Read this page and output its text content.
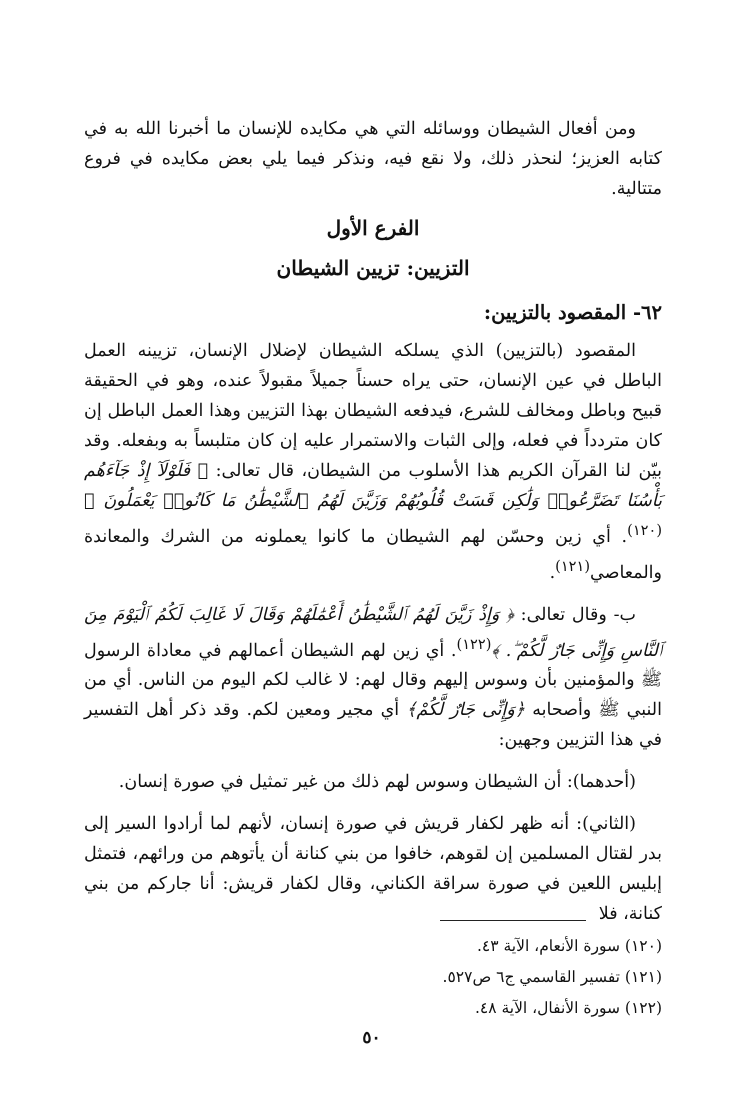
ومن أفعال الشيطان ووسائله التي هي مكايده للإنسان ما أخبرنا الله به في كتابه العزيز؛ لنحذر ذلك، ولا نقع فيه، ونذكر فيما يلي بعض مكايده في فروع متتالية.

الفرع الأول
التزيين: تزيين الشيطان
٦٢- المقصود بالتزيين:

المقصود (بالتزيين) الذي يسلكه الشيطان لإضلال الإنسان، تزيينه العمل الباطل في عين الإنسان، حتى يراه حسناً جميلاً مقبولاً عنده، وهو في الحقيقة قبيح وباطل ومخالف للشرع، فيدفعه الشيطان بهذا التزيين وهذا العمل الباطل إن كان متردداً في فعله، وإلى الثبات والاستمرار عليه إن كان متلبساً به وبفعله. وقد بيّن لنا القرآن الكريم هذا الأسلوب من الشيطان، قال تعالى: ﴿ فَلَوْلَآ إِذْ جَآءَهُم بَأْسُنَا تَضَرَّعُوا۟ وَلَٰكِن قَسَتْ قُلُوبُهُمْ وَزَيَّنَ لَهُمُ ٱلشَّيْطَٰنُ مَا كَانُوا۟ يَعْمَلُونَ ﴾$^{(١٢٠)}$. أي زين وحسّن لهم الشيطان ما كانوا يعملونه من الشرك والمعاندة والمعاصي$^{(١٢١)}$.

ب- وقال تعالى: ﴿ وَإِذْ زَيَّنَ لَهُمُ ٱلشَّيْطَٰنُ أَعْمَٰلَهُمْ وَقَالَ لَا غَالِبَ لَكُمُ ٱلْيَوْمَ مِنَ ٱلنَّاسِ وَإِنِّى جَارٌ لَّكُمْ ۖ. ﴾$^{(١٢٢)}$. أي زين لهم الشيطان أعمالهم في معاداة الرسول ﷺ والمؤمنين بأن وسوس إليهم وقال لهم: لا غالب لكم اليوم من الناس. أي من النبي ﷺ وأصحابه ﴿وَإِنِّى جَارٌ لَّكُمْ﴾ أي مجير ومعين لكم. وقد ذكر أهل التفسير في هذا التزيين وجهين:

(أحدهما): أن الشيطان وسوس لهم ذلك من غير تمثيل في صورة إنسان.

(الثاني): أنه ظهر لكفار قريش في صورة إنسان، لأنهم لما أرادوا السير إلى بدر لقتال المسلمين إن لقوهم، خافوا من بني كنانة أن يأتوهم من ورائهم، فتمثل إبليس اللعين في صورة سراقة الكناني، وقال لكفار قريش: أنا جاركم من بني كنانة، فلا

(١٢٠) سورة الأنعام، الآية ٤٣.

(١٢١) تفسير القاسمي ج٦ ص٥٢٧.

(١٢٢) سورة الأنفال، الآية ٤٨.

٥٠
